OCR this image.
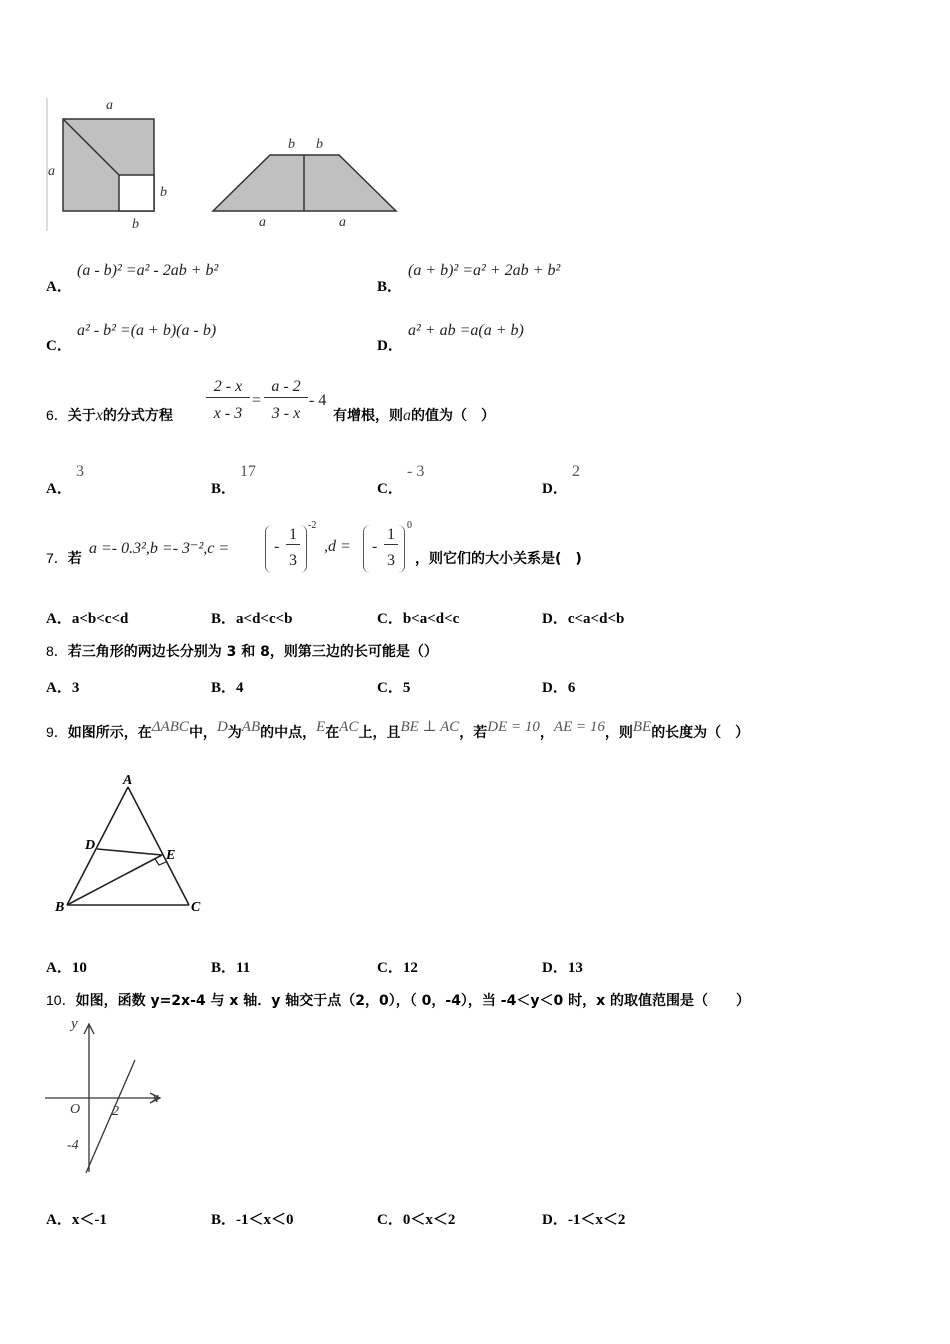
a
a
b
b
b b
a	a
A．
(a - b)² =a² - 2ab + b²
B．
(a + b)² =a² + 2ab + b²
C．
a² - b² =(a + b)(a - b)
D．
a² + ab =a(a + b)
6．关于x的分式方程
2 - x
x - 3
=
a - 2
3 - x
- 4
有增根，则a的值为（　）
A．
3
B．
17
C．
- 3
D．
2
7．若
a =- 0.3²,b =- 3⁻²,c =	-
1
3
-2
,d = -
1
3
0
，则它们的大小关系是(　)
A．a<b<c<d	B．a<d<c<b	C．b<a<d<c	D．c<a<d<b
8．若三角形的两边长分别为 3 和 8，则第三边的长可能是（）
A．3	B．4	C．5	D．6
9．如图所示，在ΔABC中，D为AB的中点，E在AC上，且BE ⊥ AC，若DE = 10，AE = 16，则BE的长度为（　）
A
D
E
B	C
A．10	B．11	C．12	D．13
10．如图，函数 y=2x-4 与 x 轴．y 轴交于点（2，0），（ 0，-4），当 -4＜y＜0 时，x 的取值范围是（　　）
y
x
O 2
-4
A．x＜-1	B．-1＜x＜0	C．0＜x＜2	D．-1＜x＜2
